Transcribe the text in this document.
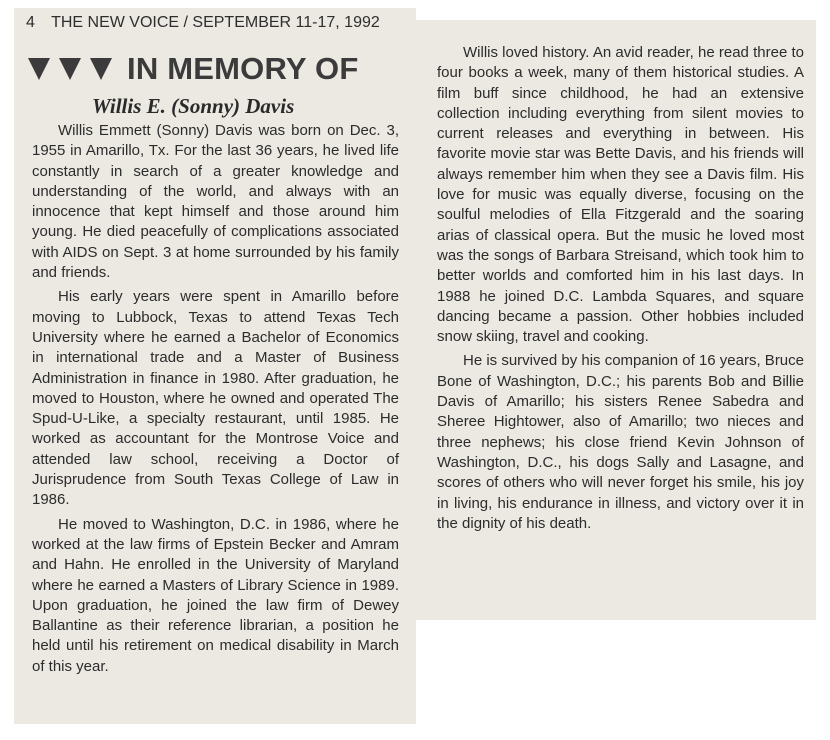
4 THE NEW VOICE / SEPTEMBER 11-17, 1992
IN MEMORY OF
Willis E. (Sonny) Davis

Willis Emmett (Sonny) Davis was born on Dec. 3, 1955 in Amarillo, Tx. For the last 36 years, he lived life constantly in search of a greater knowledge and understanding of the world, and always with an innocence that kept himself and those around him young. He died peacefully of complications associated with AIDS on Sept. 3 at home surrounded by his family and friends.

His early years were spent in Amarillo before moving to Lubbock, Texas to attend Texas Tech University where he earned a Bachelor of Economics in international trade and a Master of Business Administration in finance in 1980. After graduation, he moved to Houston, where he owned and operated The Spud-U-Like, a specialty restaurant, until 1985. He worked as accountant for the Montrose Voice and attended law school, receiving a Doctor of Jurisprudence from South Texas College of Law in 1986.

He moved to Washington, D.C. in 1986, where he worked at the law firms of Epstein Becker and Amram and Hahn. He enrolled in the University of Maryland where he earned a Masters of Library Science in 1989. Upon graduation, he joined the law firm of Dewey Ballantine as their reference librarian, a position he held until his retirement on medical disability in March of this year.

Willis loved history. An avid reader, he read three to four books a week, many of them historical studies. A film buff since childhood, he had an extensive collection including everything from silent movies to current releases and everything in between. His favorite movie star was Bette Davis, and his friends will always remember him when they see a Davis film. His love for music was equally diverse, focusing on the soulful melodies of Ella Fitzgerald and the soaring arias of classical opera. But the music he loved most was the songs of Barbara Streisand, which took him to better worlds and comforted him in his last days. In 1988 he joined D.C. Lambda Squares, and square dancing became a passion. Other hobbies included snow skiing, travel and cooking.

He is survived by his companion of 16 years, Bruce Bone of Washington, D.C.; his parents Bob and Billie Davis of Amarillo; his sisters Renee Sabedra and Sheree Hightower, also of Amarillo; two nieces and three nephews; his close friend Kevin Johnson of Washington, D.C., his dogs Sally and Lasagne, and scores of others who will never forget his smile, his joy in living, his endurance in illness, and victory over it in the dignity of his death.
